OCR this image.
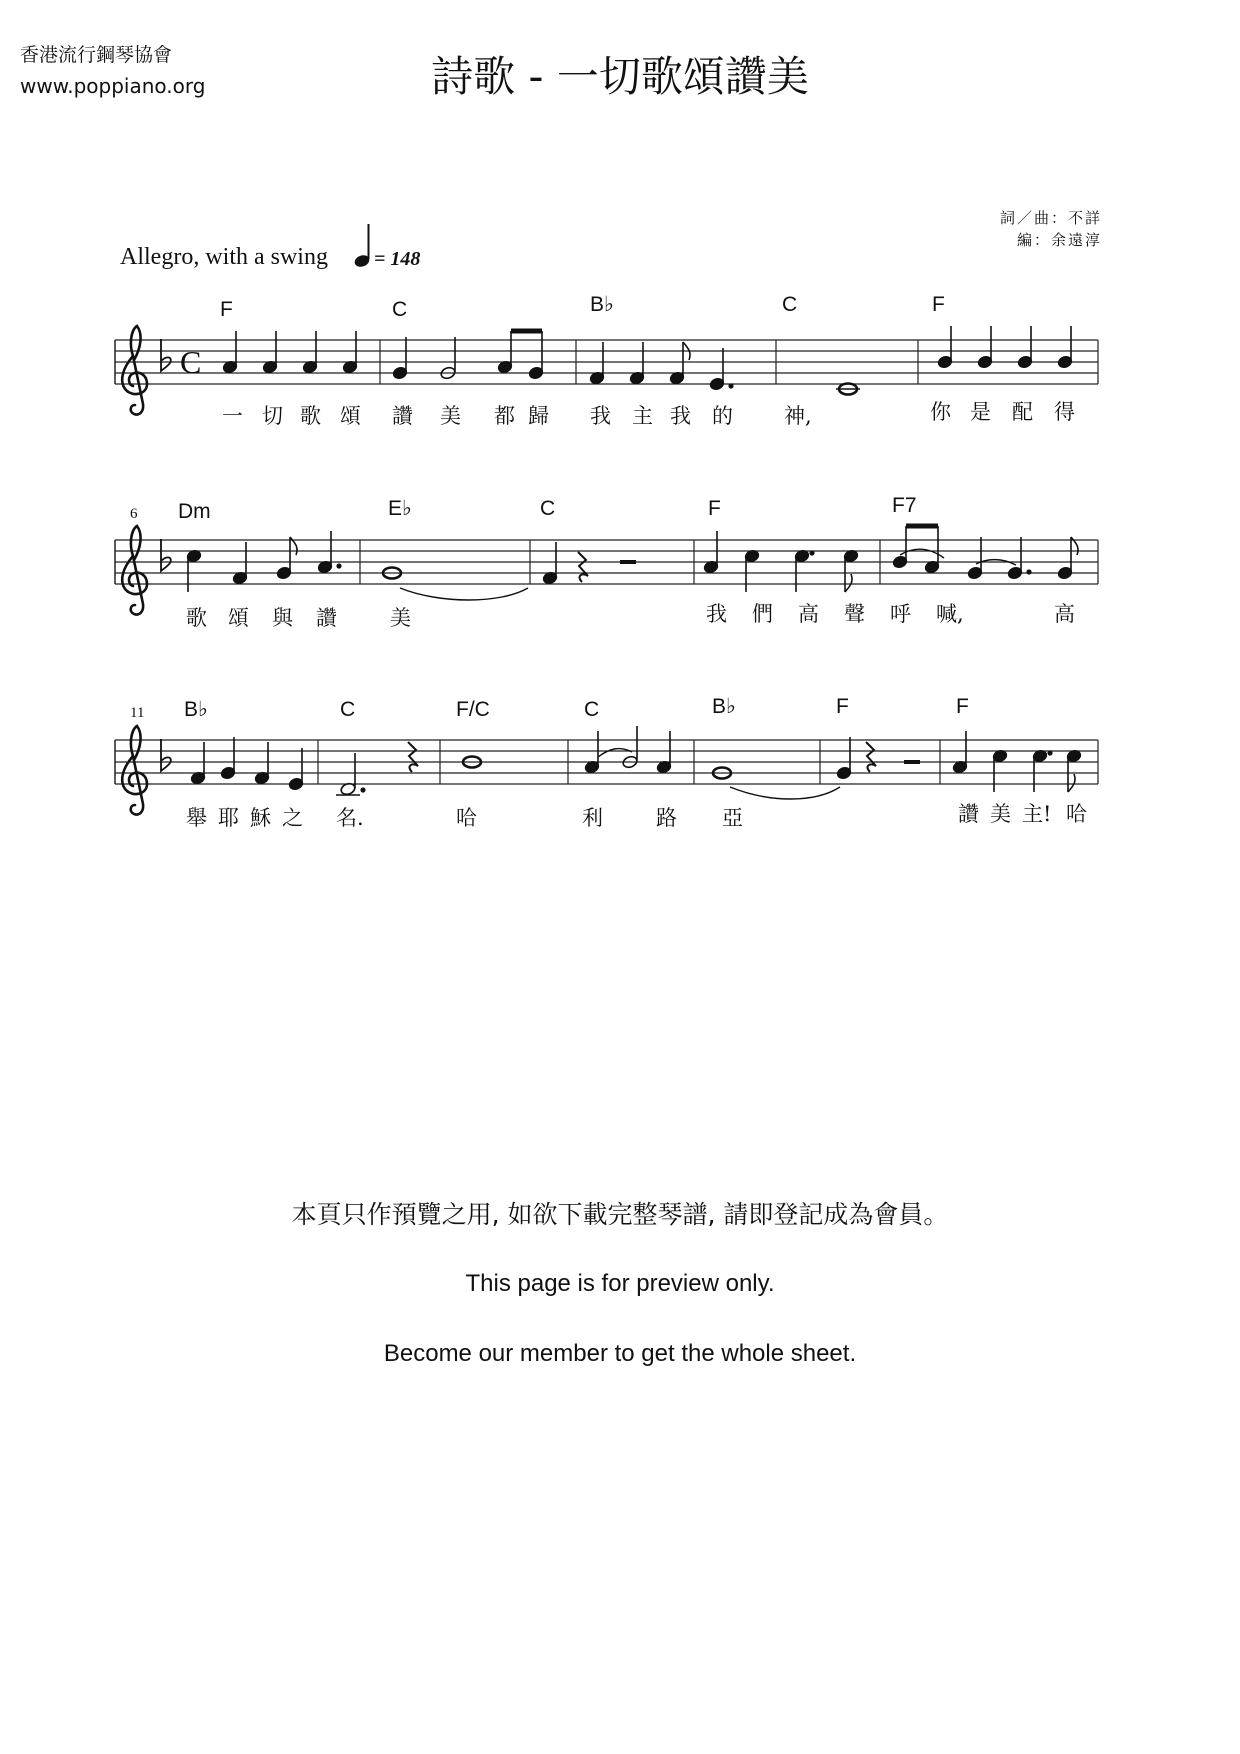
香港流行鋼琴協會
www.poppiano.org	詩歌 - 一切歌頌讚美
詞／曲：不詳
編：余遠淳
Allegro, with a swing = 148
C
F	C	B♭	C	F
一 切 歌 頌 讚 美 都 歸 我 主 我 的 神,	你 是 配 得
6 Dm	E♭	C	F	F7
歌 頌 與 讚	美	我 們 高 聲 呼 喊,	高
11 B♭	C	F/C	C	B♭	F	F
舉 耶 穌 之 名.	哈	利	路 亞	讚 美 主! 哈
本頁只作預覽之用, 如欲下載完整琴譜, 請即登記成為會員。
This page is for preview only.
Become our member to get the whole sheet.
